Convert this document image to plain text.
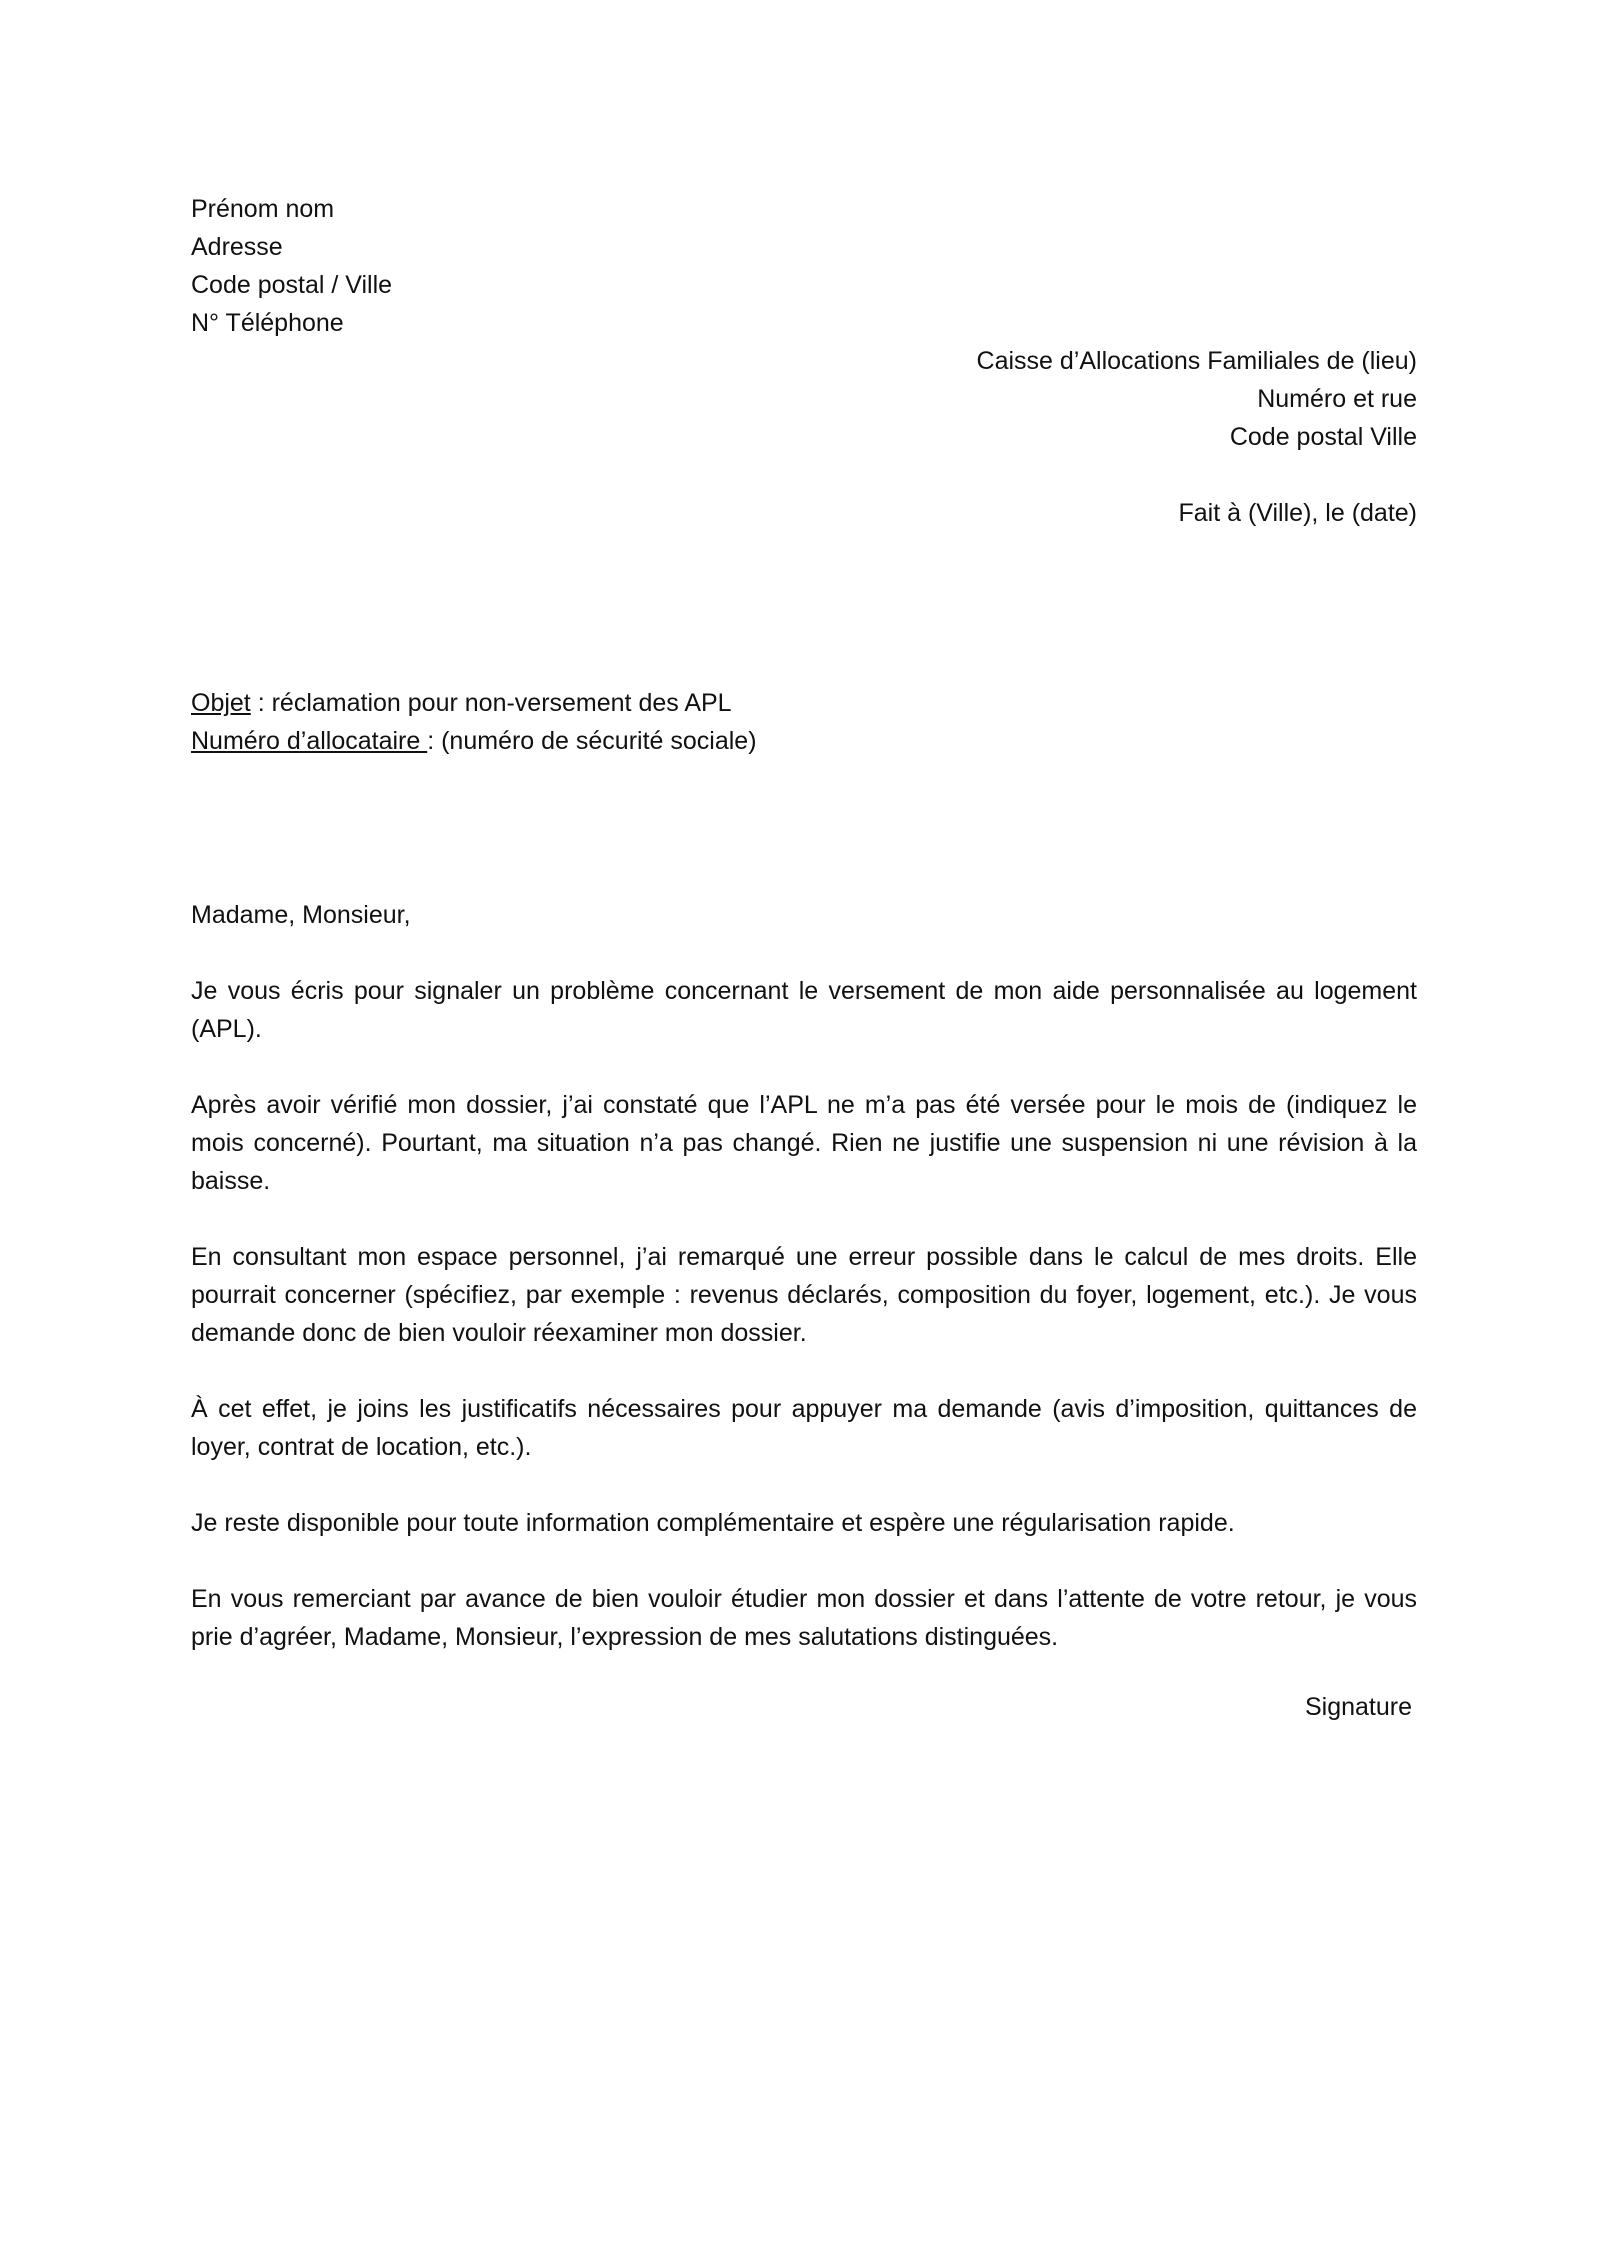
Prénom nom
Adresse
Code postal / Ville
N° Téléphone
Caisse d’Allocations Familiales de (lieu)
Numéro et rue
Code postal Ville
Fait à (Ville), le (date)
Objet : réclamation pour non-versement des APL
Numéro d’allocataire : (numéro de sécurité sociale)

Madame, Monsieur,

Je vous écris pour signaler un problème concernant le versement de mon aide personnalisée au logement (APL).

Après avoir vérifié mon dossier, j’ai constaté que l’APL ne m’a pas été versée pour le mois de (indiquez le mois concerné). Pourtant, ma situation n’a pas changé. Rien ne justifie une suspension ni une révision à la baisse.

En consultant mon espace personnel, j’ai remarqué une erreur possible dans le calcul de mes droits. Elle pourrait concerner (spécifiez, par exemple : revenus déclarés, composition du foyer, logement, etc.). Je vous demande donc de bien vouloir réexaminer mon dossier.

À cet effet, je joins les justificatifs nécessaires pour appuyer ma demande (avis d’imposition, quittances de loyer, contrat de location, etc.).

Je reste disponible pour toute information complémentaire et espère une régularisation rapide.

En vous remerciant par avance de bien vouloir étudier mon dossier et dans l’attente de votre retour, je vous prie d’agréer, Madame, Monsieur, l’expression de mes salutations distinguées.

Signature
